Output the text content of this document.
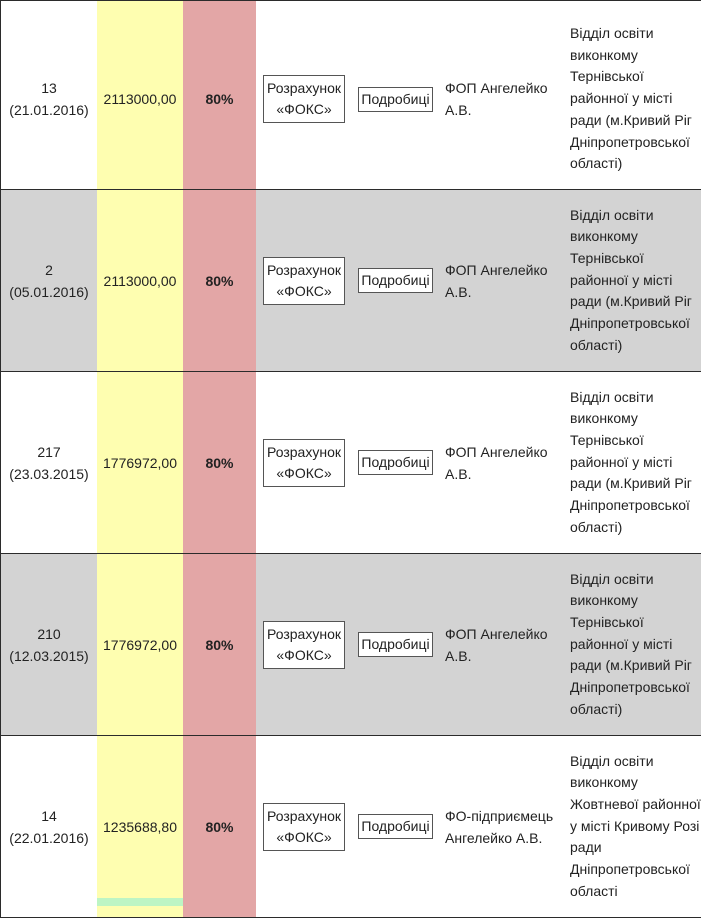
13
(21.01.2016)
2113000,00 80%
Розрахунок
«ФОКС»
Подробиці
ФОП Ангелейко А.В.
Відділ освіти виконкому Тернівської районної у місті ради (м.Кривий Ріг Дніпропетровської області)
2
(05.01.2016)
2113000,00 80%
Розрахунок
«ФОКС»
Подробиці
ФОП Ангелейко А.В.
Відділ освіти виконкому Тернівської районної у місті ради (м.Кривий Ріг Дніпропетровської області)
217
(23.03.2015)
1776972,00 80%
Розрахунок
«ФОКС»
Подробиці
ФОП Ангелейко А.В.
Відділ освіти виконкому Тернівської районної у місті ради (м.Кривий Ріг Дніпропетровської області)
210
(12.03.2015)
1776972,00 80%
Розрахунок
«ФОКС»
Подробиці
ФОП Ангелейко А.В.
Відділ освіти виконкому Тернівської районної у місті ради (м.Кривий Ріг Дніпропетровської області)
14
(22.01.2016)
1235688,80 80%
Розрахунок
«ФОКС»
Подробиці
ФО-підприємець Ангелейко А.В.
Відділ освіти виконкому Жовтневої районної у місті Кривому Розі ради Дніпропетровської області
